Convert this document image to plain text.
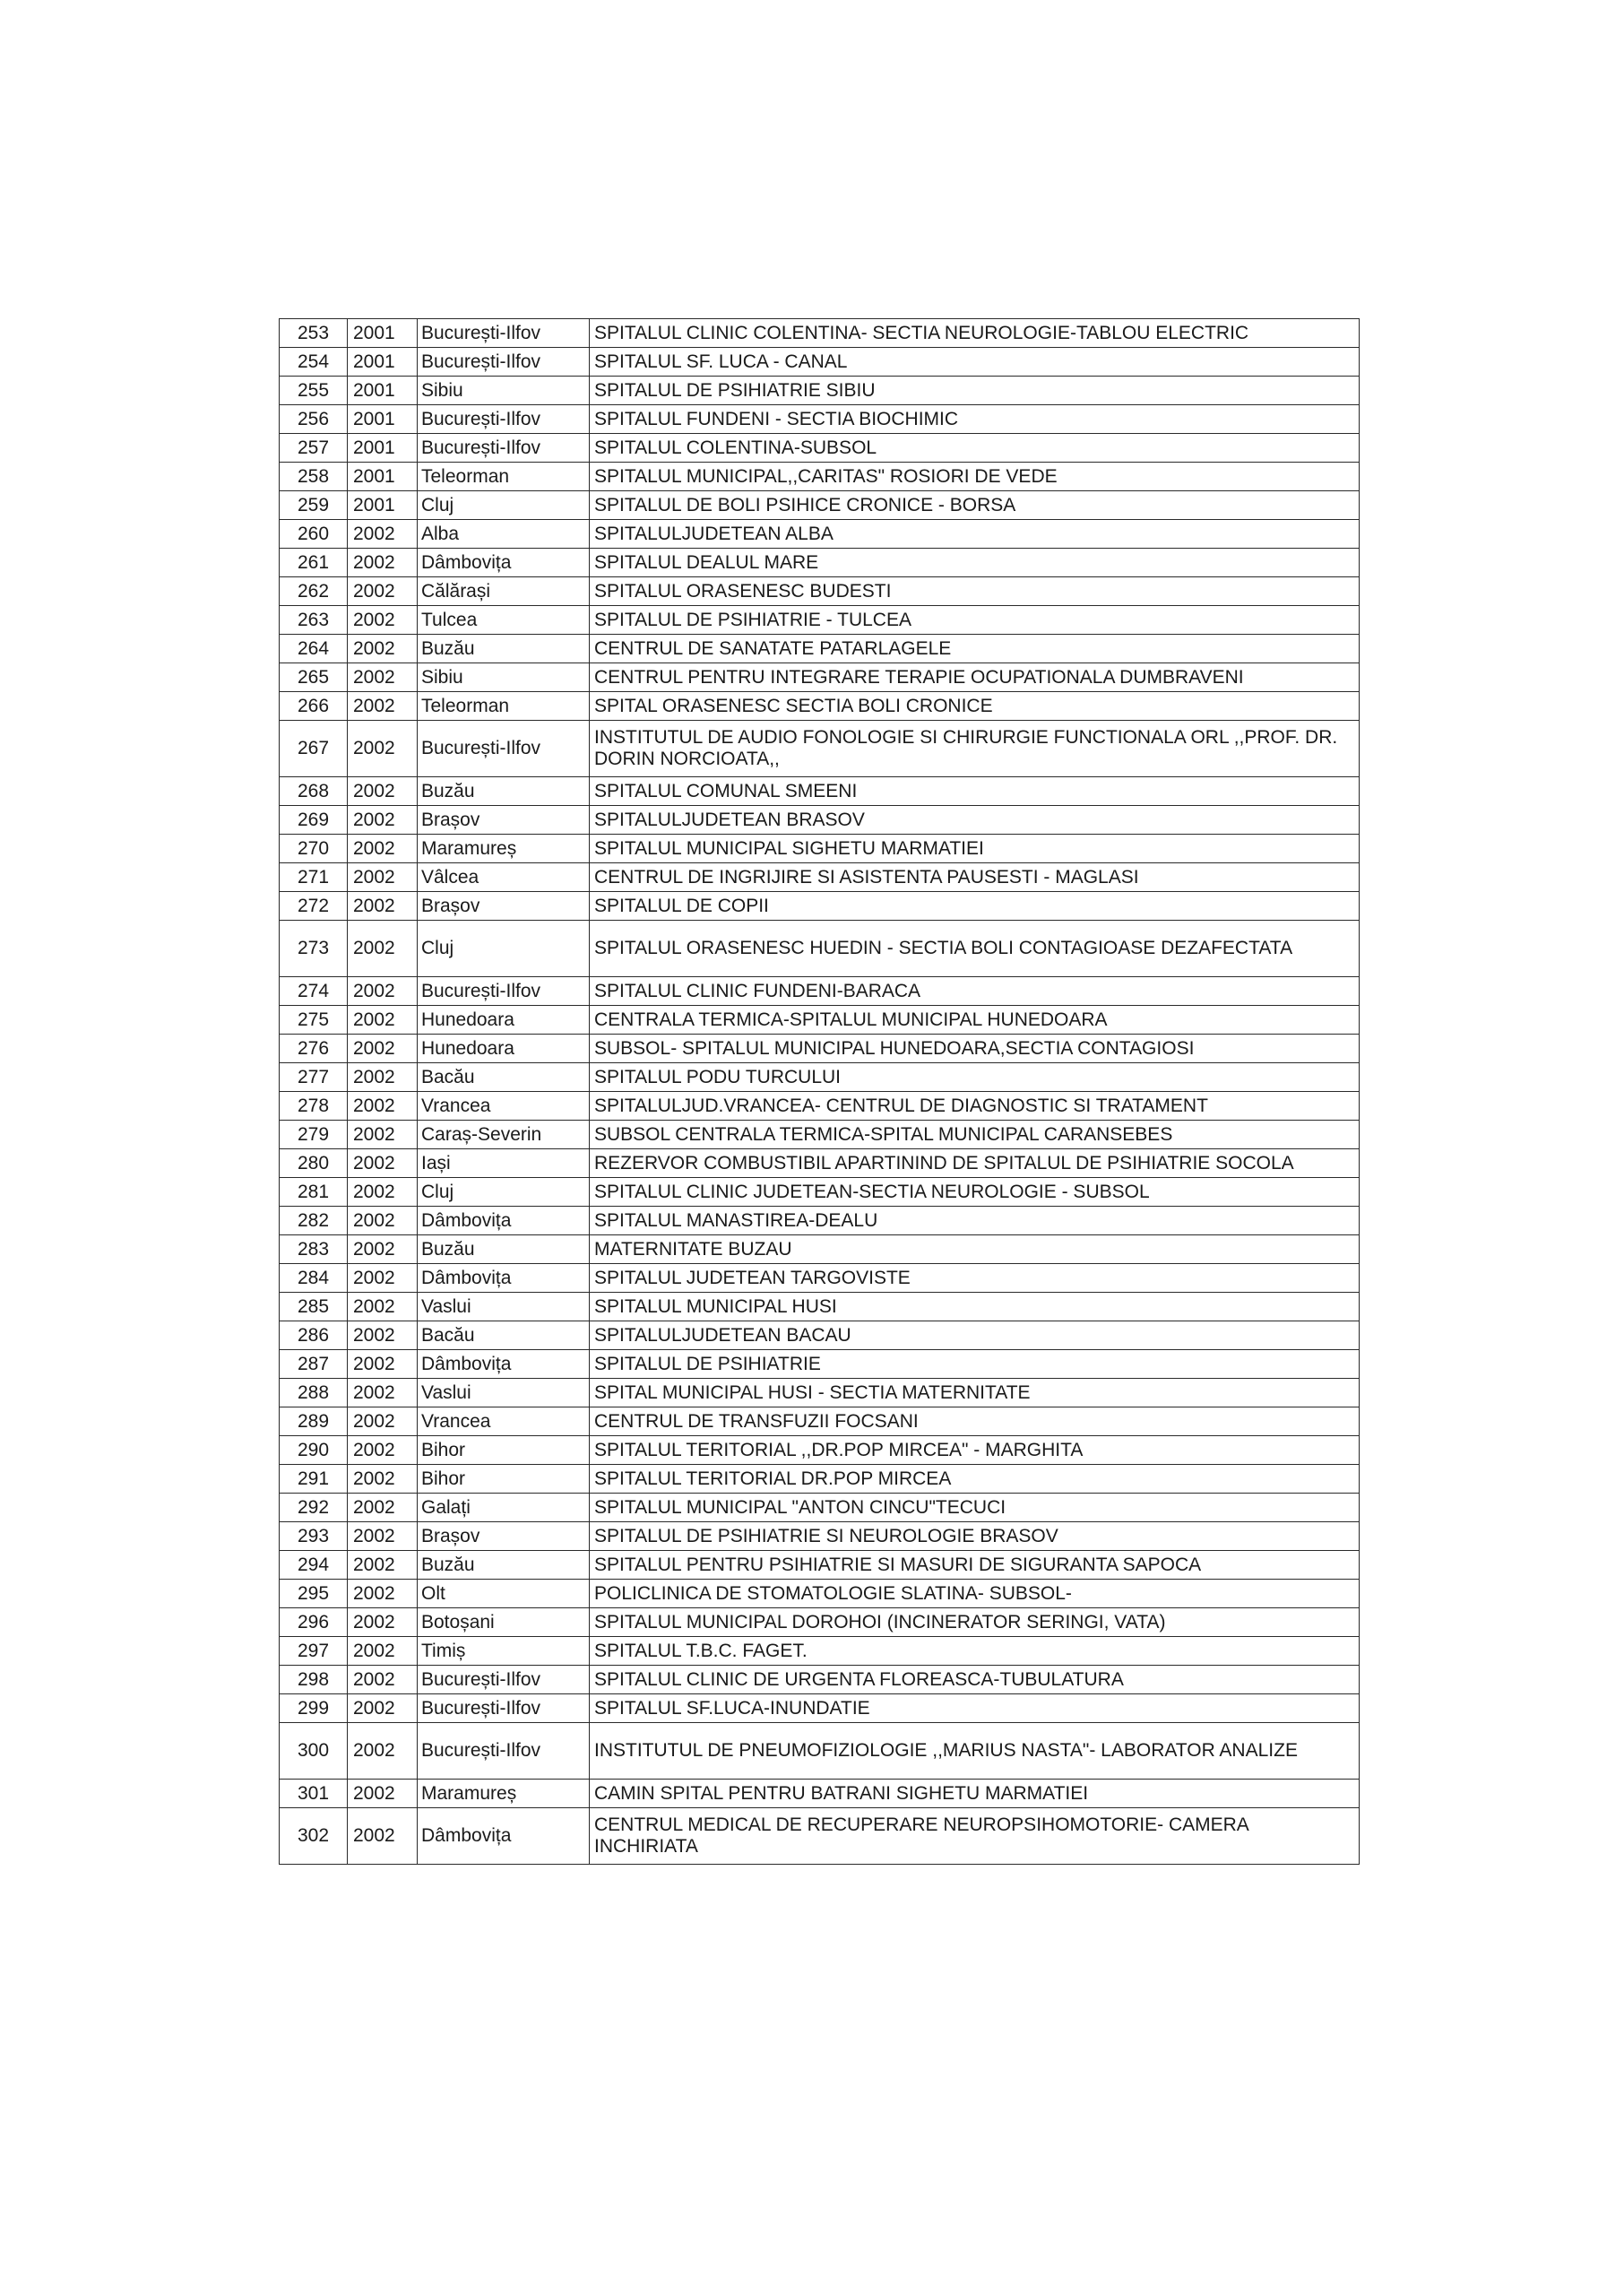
253	2001	București-Ilfov	SPITALUL CLINIC COLENTINA- SECTIA NEUROLOGIE-TABLOU ELECTRIC
254	2001	București-Ilfov	SPITALUL SF. LUCA - CANAL
255	2001	Sibiu	SPITALUL DE PSIHIATRIE SIBIU
256	2001	București-Ilfov	SPITALUL FUNDENI - SECTIA BIOCHIMIC
257	2001	București-Ilfov	SPITALUL COLENTINA-SUBSOL
258	2001	Teleorman	SPITALUL MUNICIPAL,,CARITAS" ROSIORI DE VEDE
259	2001	Cluj	SPITALUL DE BOLI PSIHICE CRONICE - BORSA
260	2002	Alba	SPITALULJUDETEAN ALBA
261	2002	Dâmbovița	SPITALUL DEALUL MARE
262	2002	Călărași	SPITALUL ORASENESC BUDESTI
263	2002	Tulcea	SPITALUL DE PSIHIATRIE - TULCEA
264	2002	Buzău	CENTRUL DE SANATATE PATARLAGELE
265	2002	Sibiu	CENTRUL PENTRU INTEGRARE TERAPIE OCUPATIONALA DUMBRAVENI
266	2002	Teleorman	SPITAL ORASENESC SECTIA BOLI CRONICE
267	2002	București-Ilfov	INSTITUTUL DE AUDIO FONOLOGIE SI CHIRURGIE FUNCTIONALA ORL ,,PROF. DR. DORIN NORCIOATA,,
268	2002	Buzău	SPITALUL COMUNAL SMEENI
269	2002	Brașov	SPITALULJUDETEAN BRASOV
270	2002	Maramureș	SPITALUL MUNICIPAL SIGHETU MARMATIEI
271	2002	Vâlcea	CENTRUL DE INGRIJIRE SI ASISTENTA PAUSESTI - MAGLASI
272	2002	Brașov	SPITALUL DE COPII
273	2002	Cluj	SPITALUL ORASENESC HUEDIN - SECTIA BOLI CONTAGIOASE DEZAFECTATA
274	2002	București-Ilfov	SPITALUL CLINIC FUNDENI-BARACA
275	2002	Hunedoara	CENTRALA TERMICA-SPITALUL MUNICIPAL HUNEDOARA
276	2002	Hunedoara	SUBSOL- SPITALUL MUNICIPAL HUNEDOARA,SECTIA CONTAGIOSI
277	2002	Bacău	SPITALUL PODU TURCULUI
278	2002	Vrancea	SPITALULJUD.VRANCEA- CENTRUL DE DIAGNOSTIC SI TRATAMENT
279	2002	Caraș-Severin	SUBSOL CENTRALA TERMICA-SPITAL MUNICIPAL CARANSEBES
280	2002	Iași	REZERVOR COMBUSTIBIL APARTININD DE SPITALUL DE PSIHIATRIE SOCOLA
281	2002	Cluj	SPITALUL CLINIC JUDETEAN-SECTIA NEUROLOGIE - SUBSOL
282	2002	Dâmbovița	SPITALUL MANASTIREA-DEALU
283	2002	Buzău	MATERNITATE BUZAU
284	2002	Dâmbovița	SPITALUL JUDETEAN TARGOVISTE
285	2002	Vaslui	SPITALUL MUNICIPAL HUSI
286	2002	Bacău	SPITALULJUDETEAN BACAU
287	2002	Dâmbovița	SPITALUL DE PSIHIATRIE
288	2002	Vaslui	SPITAL MUNICIPAL HUSI - SECTIA MATERNITATE
289	2002	Vrancea	CENTRUL DE TRANSFUZII FOCSANI
290	2002	Bihor	SPITALUL TERITORIAL ,,DR.POP MIRCEA" - MARGHITA
291	2002	Bihor	SPITALUL TERITORIAL DR.POP MIRCEA
292	2002	Galați	SPITALUL MUNICIPAL "ANTON CINCU"TECUCI
293	2002	Brașov	SPITALUL DE PSIHIATRIE SI NEUROLOGIE BRASOV
294	2002	Buzău	SPITALUL PENTRU PSIHIATRIE SI MASURI DE SIGURANTA SAPOCA
295	2002	Olt	POLICLINICA DE STOMATOLOGIE SLATINA- SUBSOL-
296	2002	Botoșani	SPITALUL MUNICIPAL DOROHOI (INCINERATOR SERINGI, VATA)
297	2002	Timiș	SPITALUL T.B.C. FAGET.
298	2002	București-Ilfov	SPITALUL CLINIC DE URGENTA FLOREASCA-TUBULATURA
299	2002	București-Ilfov	SPITALUL SF.LUCA-INUNDATIE
300	2002	București-Ilfov	INSTITUTUL DE PNEUMOFIZIOLOGIE ,,MARIUS NASTA"- LABORATOR ANALIZE
301	2002	Maramureș	CAMIN SPITAL PENTRU BATRANI SIGHETU MARMATIEI
302	2002	Dâmbovița	CENTRUL MEDICAL DE RECUPERARE NEUROPSIHOMOTORIE- CAMERA INCHIRIATA
